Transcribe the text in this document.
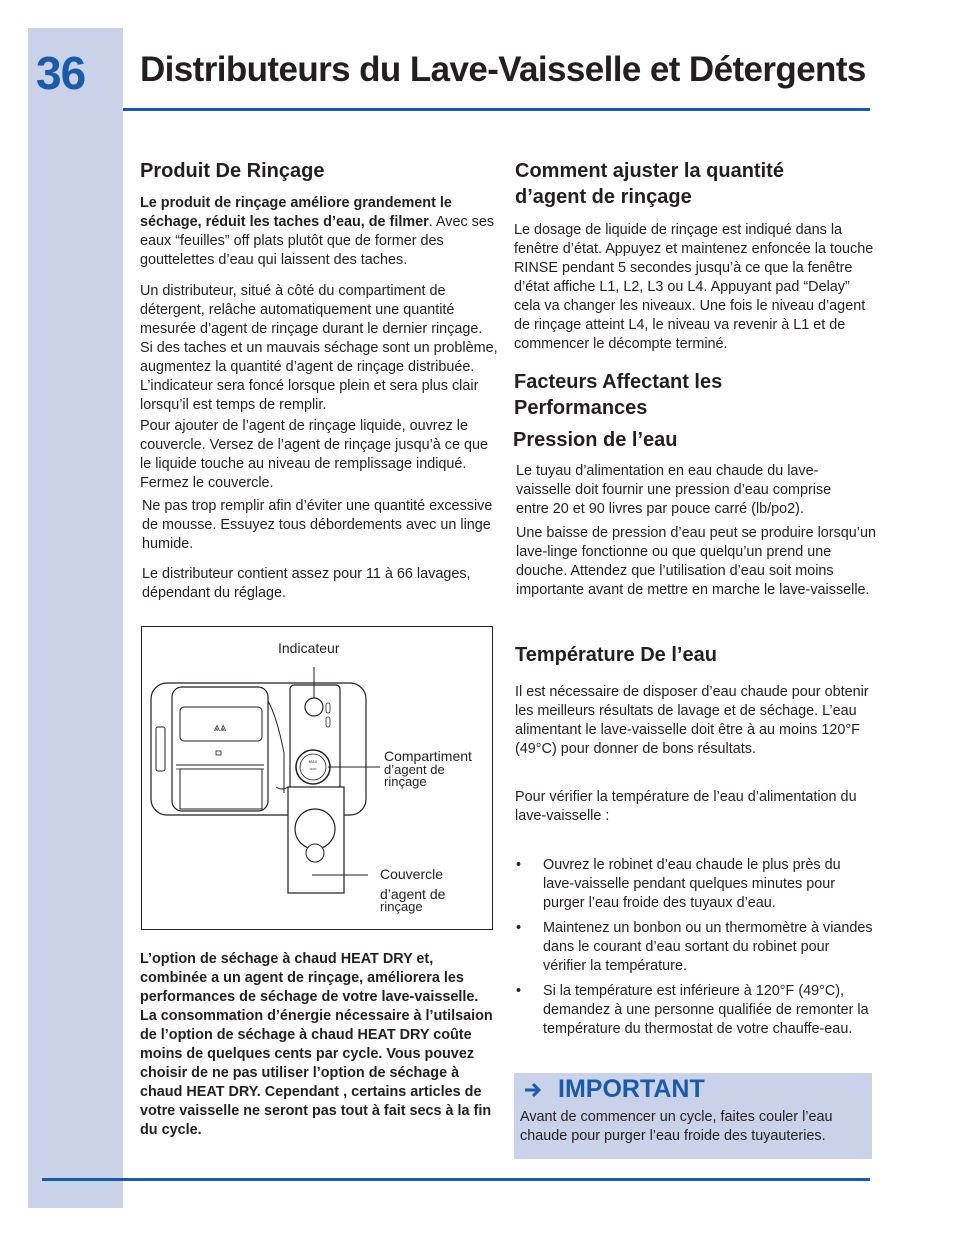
36 Distributeurs du Lave-Vaisselle et Détergents
Produit De Rinçage
Le produit de rinçage améliore grandement le séchage, réduit les taches d’eau, de filmer. Avec ses eaux “feuilles” off plats plutôt que de former des gouttelettes d’eau qui laissent des taches.
Un distributeur, situé à côté du compartiment de détergent, relâche automatiquement une quantité mesurée d’agent de rinçage durant le dernier rinçage. Si des taches et un mauvais séchage sont un problème, augmentez la quantité d’agent de rinçage distribuée. L’indicateur sera foncé lorsque plein et sera plus clair lorsqu’il est temps de remplir.
Pour ajouter de l’agent de rinçage liquide, ouvrez le couvercle. Versez de l’agent de rinçage jusqu’à ce que le liquide touche au niveau de remplissage indiqué. Fermez le couvercle.
Ne pas trop remplir afin d’éviter une quantité excessive de mousse. Essuyez tous débordements avec un linge humide.
Le distributeur contient assez pour 11 à 66 lavages, dépendant du réglage.
⩓⩓
MAX
•••••
Indicateur
Compartiment
d’agent de
rinçage
Couvercle
d’agent de
rinçage
L’option de séchage à chaud HEAT DRY et, combinée a un agent de rinçage, améliorera les performances de séchage de votre lave-vaisselle. La consommation d’énergie nécessaire à l’utilsaion de l’option de séchage à chaud HEAT DRY coûte moins de quelques cents par cycle. Vous pouvez choisir de ne pas utiliser l’option de séchage à chaud HEAT DRY. Cependant , certains articles de votre vaisselle ne seront pas tout à fait secs à la fin du cycle.
Comment ajuster la quantité d’agent de rinçage
Le dosage de liquide de rinçage est indiqué dans la fenêtre d’état. Appuyez et maintenez enfoncée la touche RINSE pendant 5 secondes jusqu’à ce que la fenêtre d’état affiche L1, L2, L3 ou L4. Appuyant pad “Delay” cela va changer les niveaux. Une fois le niveau d’agent de rinçage atteint L4, le niveau va revenir à L1 et de commencer le décompte terminé.
Facteurs Affectant les Performances
Pression de l’eau
Le tuyau d’alimentation en eau chaude du lave-vaisselle doit fournir une pression d’eau comprise entre 20 et 90 livres par pouce carré (lb/po2).
Une baisse de pression d’eau peut se produire lorsqu’un lave-linge fonctionne ou que quelqu’un prend une douche. Attendez que l’utilisation d’eau soit moins importante avant de mettre en marche le lave-vaisselle.
Température De l’eau
Il est nécessaire de disposer d’eau chaude pour obtenir les meilleurs résultats de lavage et de séchage. L’eau alimentant le lave-vaisselle doit être à au moins 120°F (49°C) pour donner de bons résultats.
Pour vérifier la température de l’eau d’alimentation du lave-vaisselle :
• Ouvrez le robinet d’eau chaude le plus près du lave-vaisselle pendant quelques minutes pour purger l’eau froide des tuyaux d’eau.
• Maintenez un bonbon ou un thermomètre à viandes dans le courant d’eau sortant du robinet pour vérifier la température.
• Si la température est inférieure à 120°F (49°C), demandez à une personne qualifiée de remonter la température du thermostat de votre chauffe-eau.
IMPORTANT
Avant de commencer un cycle, faites couler l’eau chaude pour purger l’eau froide des tuyauteries.
